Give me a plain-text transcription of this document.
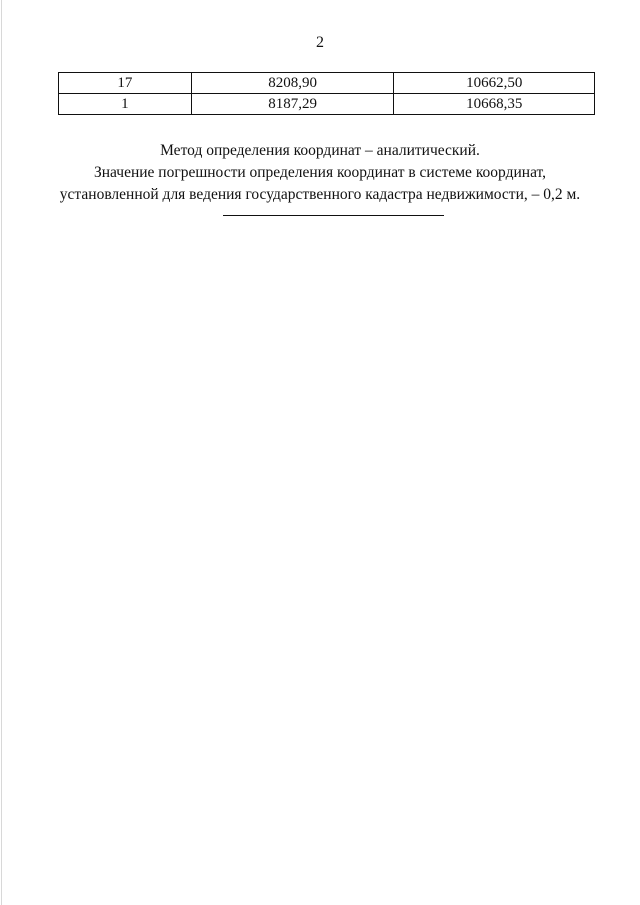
2
17	8208,90	10662,50
1	8187,29	10668,35
Метод определения координат – аналитический.
Значение погрешности определения координат в системе координат,
установленной для ведения государственного кадастра недвижимости, – 0,2 м.
